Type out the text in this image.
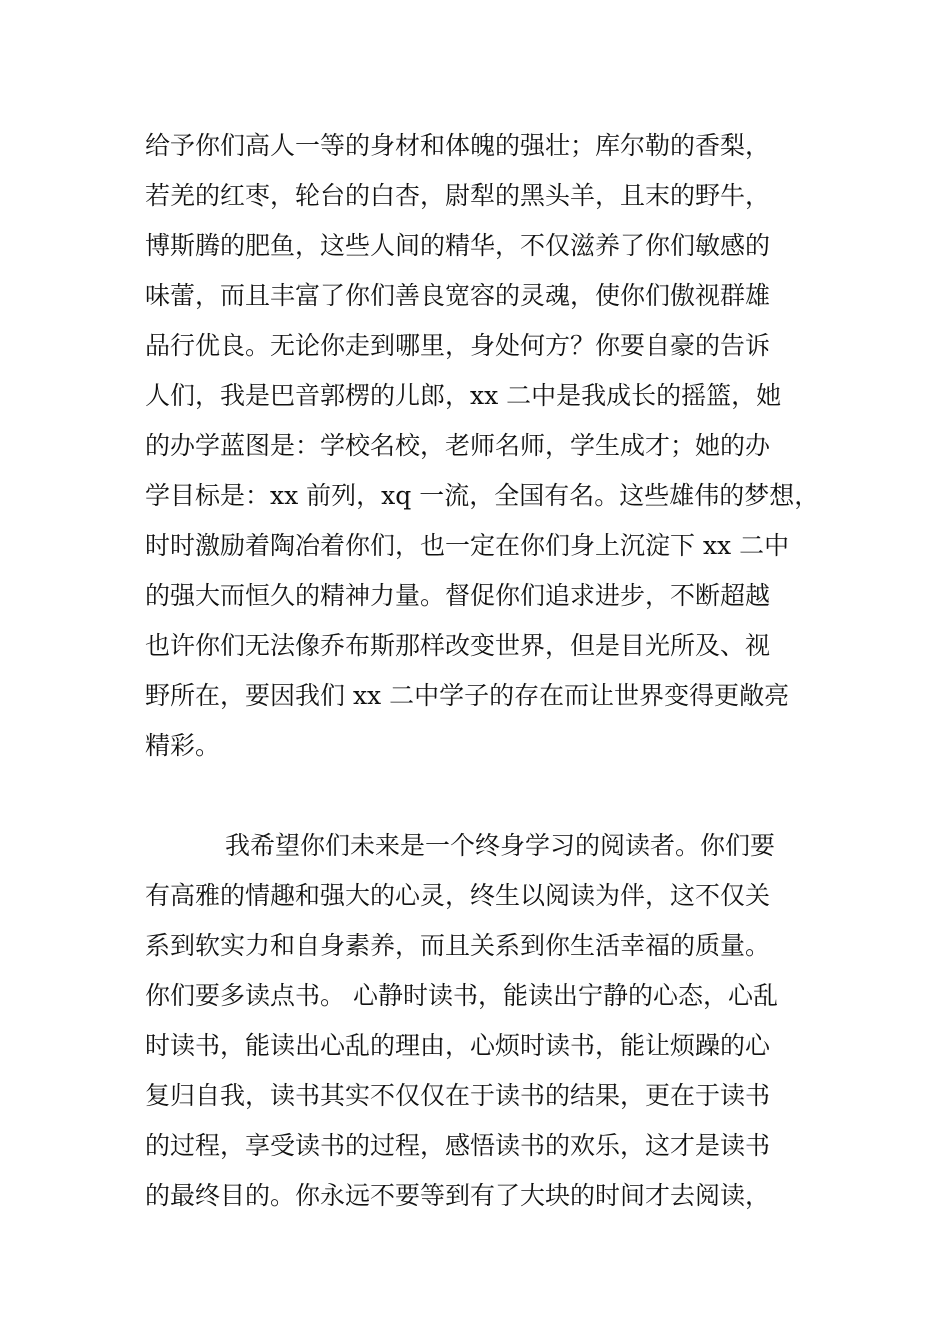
给予你们高人一等的身材和体魄的强壮；库尔勒的香梨，
若羌的红枣，轮台的白杏，尉犁的黑头羊，且末的野牛，
博斯腾的肥鱼，这些人间的精华，不仅滋养了你们敏感的
味蕾，而且丰富了你们善良宽容的灵魂，使你们傲视群雄
品行优良。无论你走到哪里，身处何方？你要自豪的告诉
人们，我是巴音郭楞的儿郎，xx 二中是我成长的摇篮，她
的办学蓝图是：学校名校，老师名师，学生成才；她的办
学目标是：xx 前列，xq 一流，全国有名。这些雄伟的梦想，
时时激励着陶冶着你们，也一定在你们身上沉淀下 xx 二中
的强大而恒久的精神力量。督促你们追求进步，不断超越
也许你们无法像乔布斯那样改变世界，但是目光所及、视
野所在，要因我们 xx 二中学子的存在而让世界变得更敞亮
精彩。
我希望你们未来是一个终身学习的阅读者。你们要
有高雅的情趣和强大的心灵，终生以阅读为伴，这不仅关
系到软实力和自身素养，而且关系到你生活幸福的质量。
你们要多读点书。 心静时读书，能读出宁静的心态，心乱
时读书，能读出心乱的理由，心烦时读书，能让烦躁的心
复归自我，读书其实不仅仅在于读书的结果，更在于读书
的过程，享受读书的过程，感悟读书的欢乐，这才是读书
的最终目的。你永远不要等到有了大块的时间才去阅读，
